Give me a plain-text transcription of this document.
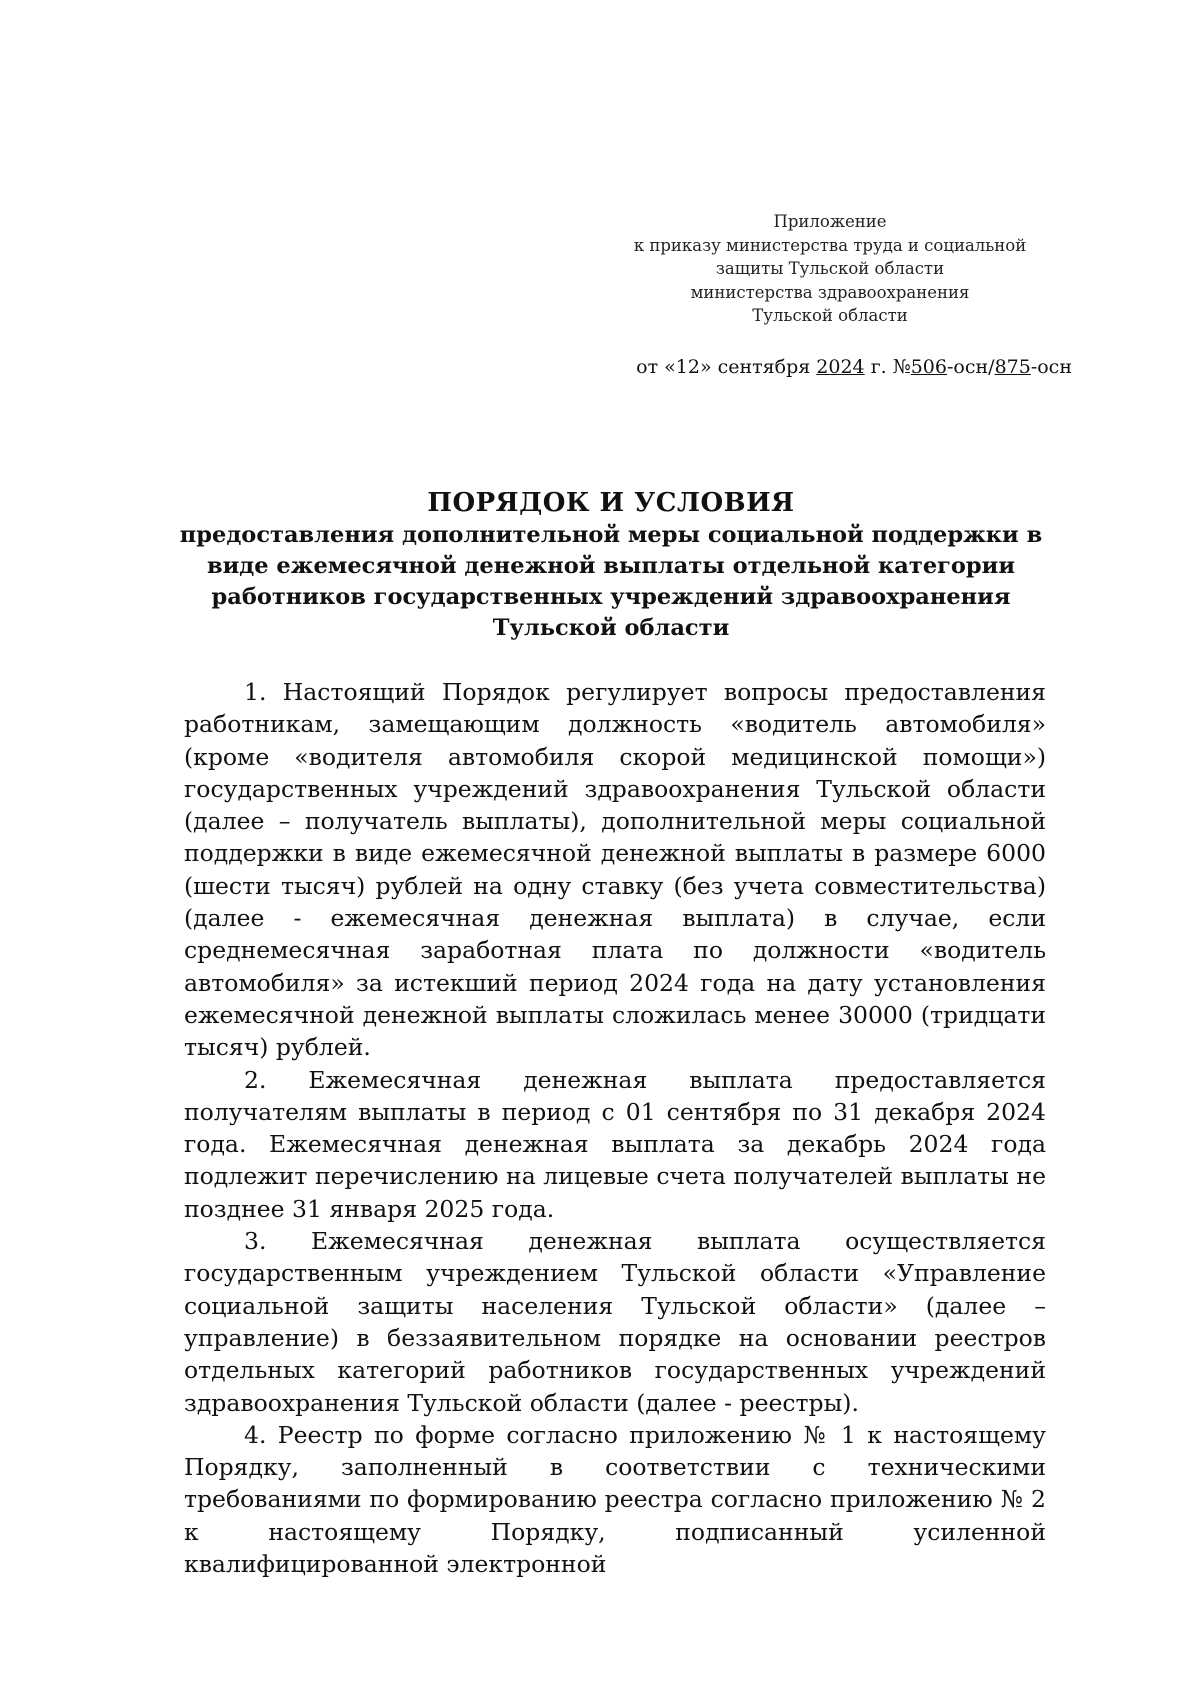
Приложение
к приказу министерства труда и социальной
защиты Тульской области
министерства здравоохранения
Тульской области
от «12» сентября 2024 г. №506-осн/875-осн
ПОРЯДОК И УСЛОВИЯ
предоставления дополнительной меры социальной поддержки в
виде ежемесячной денежной выплаты отдельной категории
работников государственных учреждений здравоохранения
Тульской области

1. Настоящий Порядок регулирует вопросы предоставления работникам, замещающим должность «водитель автомобиля» (кроме «водителя автомобиля скорой медицинской помощи») государственных учреждений здравоохранения Тульской области (далее – получатель выплаты), дополнительной меры социальной поддержки в виде ежемесячной денежной выплаты в размере 6000 (шести тысяч) рублей на одну ставку (без учета совместительства) (далее - ежемесячная денежная выплата) в случае, если среднемесячная заработная плата по должности «водитель автомобиля» за истекший период 2024 года на дату установления ежемесячной денежной выплаты сложилась менее 30000 (тридцати тысяч) рублей.

2. Ежемесячная денежная выплата предоставляется получателям выплаты в период с 01 сентября по 31 декабря 2024 года. Ежемесячная денежная выплата за декабрь 2024 года подлежит перечислению на лицевые счета получателей выплаты не позднее 31 января 2025 года.

3. Ежемесячная денежная выплата осуществляется государственным учреждением Тульской области «Управление социальной защиты населения Тульской области» (далее – управление) в беззаявительном порядке на основании реестров отдельных категорий работников государственных учреждений здравоохранения Тульской области (далее - реестры).

4. Реестр по форме согласно приложению № 1 к настоящему Порядку, заполненный в соответствии с техническими требованиями по формированию реестра согласно приложению № 2 к настоящему Порядку, подписанный усиленной квалифицированной электронной
